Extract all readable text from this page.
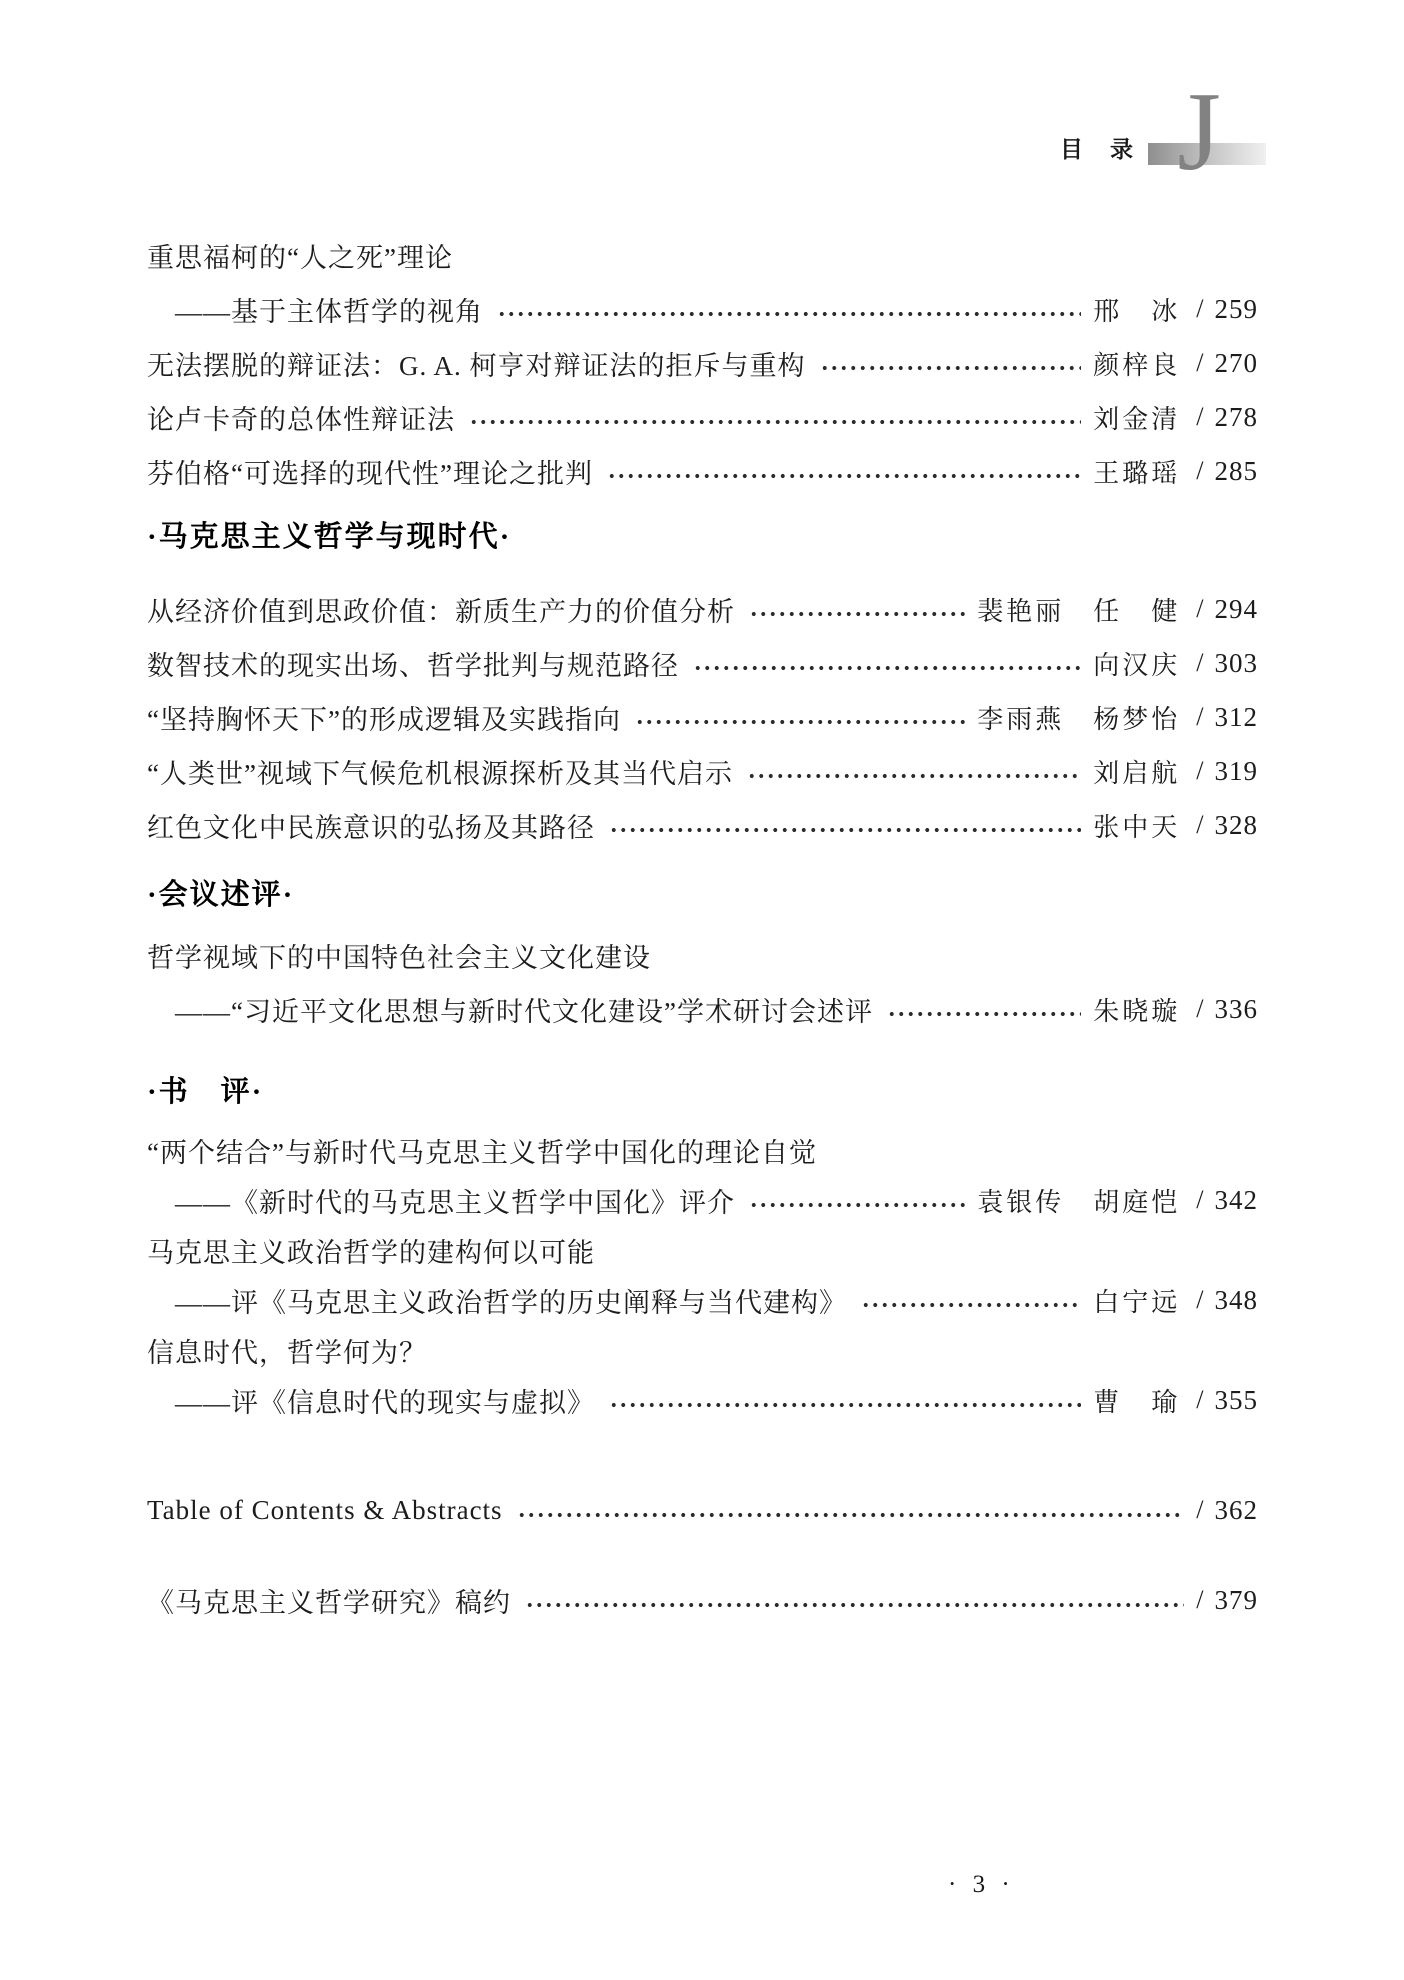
目　录 J
重思福柯的“人之死”理论
——基于主体哲学的视角	邢　冰 / 259
无法摆脱的辩证法：G. A. 柯亨对辩证法的拒斥与重构	颜梓良 / 270
论卢卡奇的总体性辩证法	刘金清 / 278
芬伯格“可选择的现代性”理论之批判	王璐瑶 / 285
·马克思主义哲学与现时代·
从经济价值到思政价值：新质生产力的价值分析	裴艳丽　任　健 / 294
数智技术的现实出场、哲学批判与规范路径	向汉庆 / 303
“坚持胸怀天下”的形成逻辑及实践指向	李雨燕　杨梦怡 / 312
“人类世”视域下气候危机根源探析及其当代启示	刘启航 / 319
红色文化中民族意识的弘扬及其路径	张中天 / 328
·会议述评·
哲学视域下的中国特色社会主义文化建设
——“习近平文化思想与新时代文化建设”学术研讨会述评	朱晓璇 / 336
·书　评·
“两个结合”与新时代马克思主义哲学中国化的理论自觉
——《新时代的马克思主义哲学中国化》评介	袁银传　胡庭恺 / 342
马克思主义政治哲学的建构何以可能
——评《马克思主义政治哲学的历史阐释与当代建构》	白宁远 / 348
信息时代，哲学何为？
——评《信息时代的现实与虚拟》	曹　瑜 / 355
Table of Contents & Abstracts	/ 362
《马克思主义哲学研究》稿约	/ 379
· 3 ·
